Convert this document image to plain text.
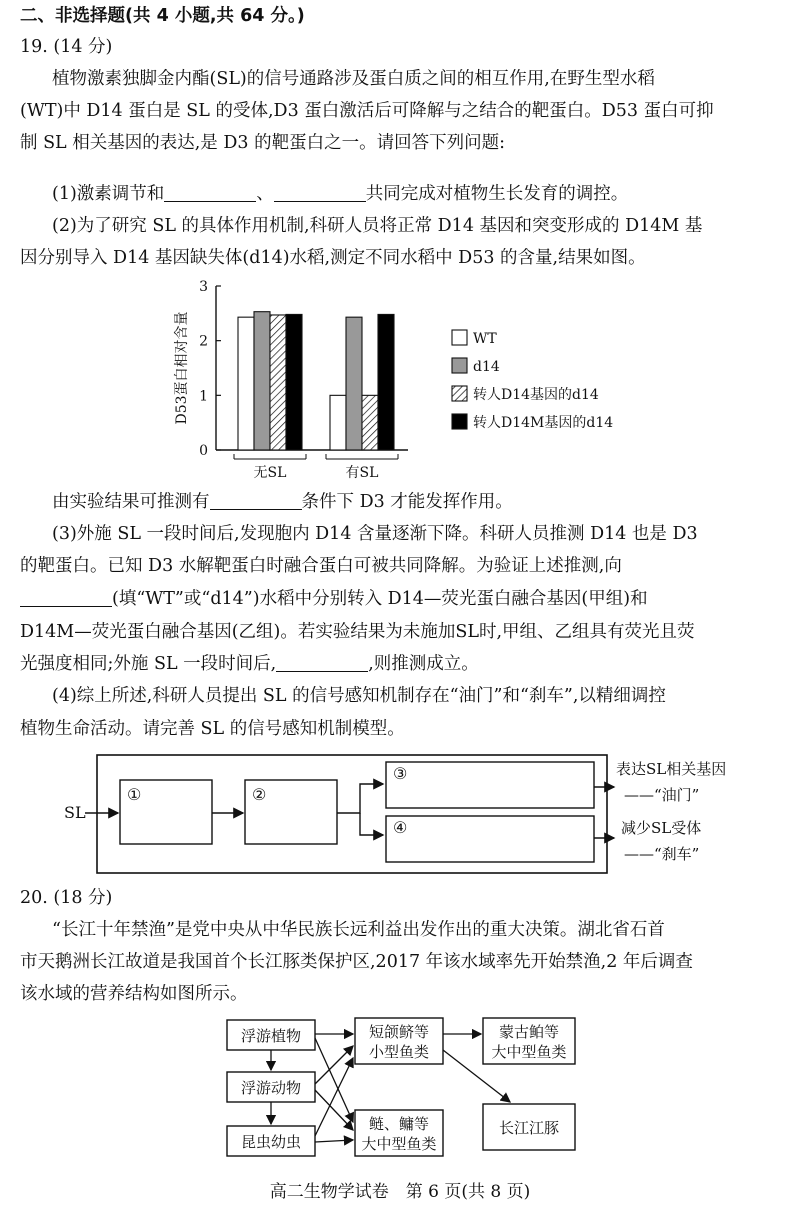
二、非选择题(共 4 小题,共 64 分。)
19. (14 分)
植物激素独脚金内酯(SL)的信号通路涉及蛋白质之间的相互作用,在野生型水稻
(WT)中 D14 蛋白是 SL 的受体,D3 蛋白激活后可降解与之结合的靶蛋白。D53 蛋白可抑
制 SL 相关基因的表达,是 D3 的靶蛋白之一。请回答下列问题:
(1)激素调节和	、	共同完成对植物生长发育的调控。
(2)为了研究 SL 的具体作用机制,科研人员将正常 D14 基因和突变形成的 D14M 基
因分别导入 D14 基因缺失体(d14)水稻,测定不同水稻中 D53 的含量,结果如图。
0
1
2
3
D53蛋白相对含量
无SL	有SL
WT
d14
转人D14基因的d14
转人D14M基因的d14
由实验结果可推测有	条件下 D3 才能发挥作用。
(3)外施 SL 一段时间后,发现胞内 D14 含量逐渐下降。科研人员推测 D14 也是 D3
的靶蛋白。已知 D3 水解靶蛋白时融合蛋白可被共同降解。为验证上述推测,向
(填“WT”或“d14”)水稻中分别转入 D14—荧光蛋白融合基因(甲组)和
D14M—荧光蛋白融合基因(乙组)。若实验结果为未施加SL时,甲组、乙组具有荧光且荧
光强度相同;外施 SL 一段时间后,	,则推测成立。
(4)综上所述,科研人员提出 SL 的信号感知机制存在“油门”和“刹车”,以精细调控
植物生命活动。请完善 SL 的信号感知机制模型。
SL
①	②
③
④
表达SL相关基因
——“油门”
减少SL受体
——“刹车”
20. (18 分)
“长江十年禁渔”是党中央从中华民族长远利益出发作出的重大决策。湖北省石首
市天鹅洲长江故道是我国首个长江豚类保护区,2017 年该水域率先开始禁渔,2 年后调查
该水域的营养结构如图所示。
浮游植物
浮游动物
昆虫幼虫
短颌鲚等
小型鱼类
鲢、鳙等
大中型鱼类
蒙古鲌等
大中型鱼类
长江江豚
高二生物学试卷　第 6 页(共 8 页)
